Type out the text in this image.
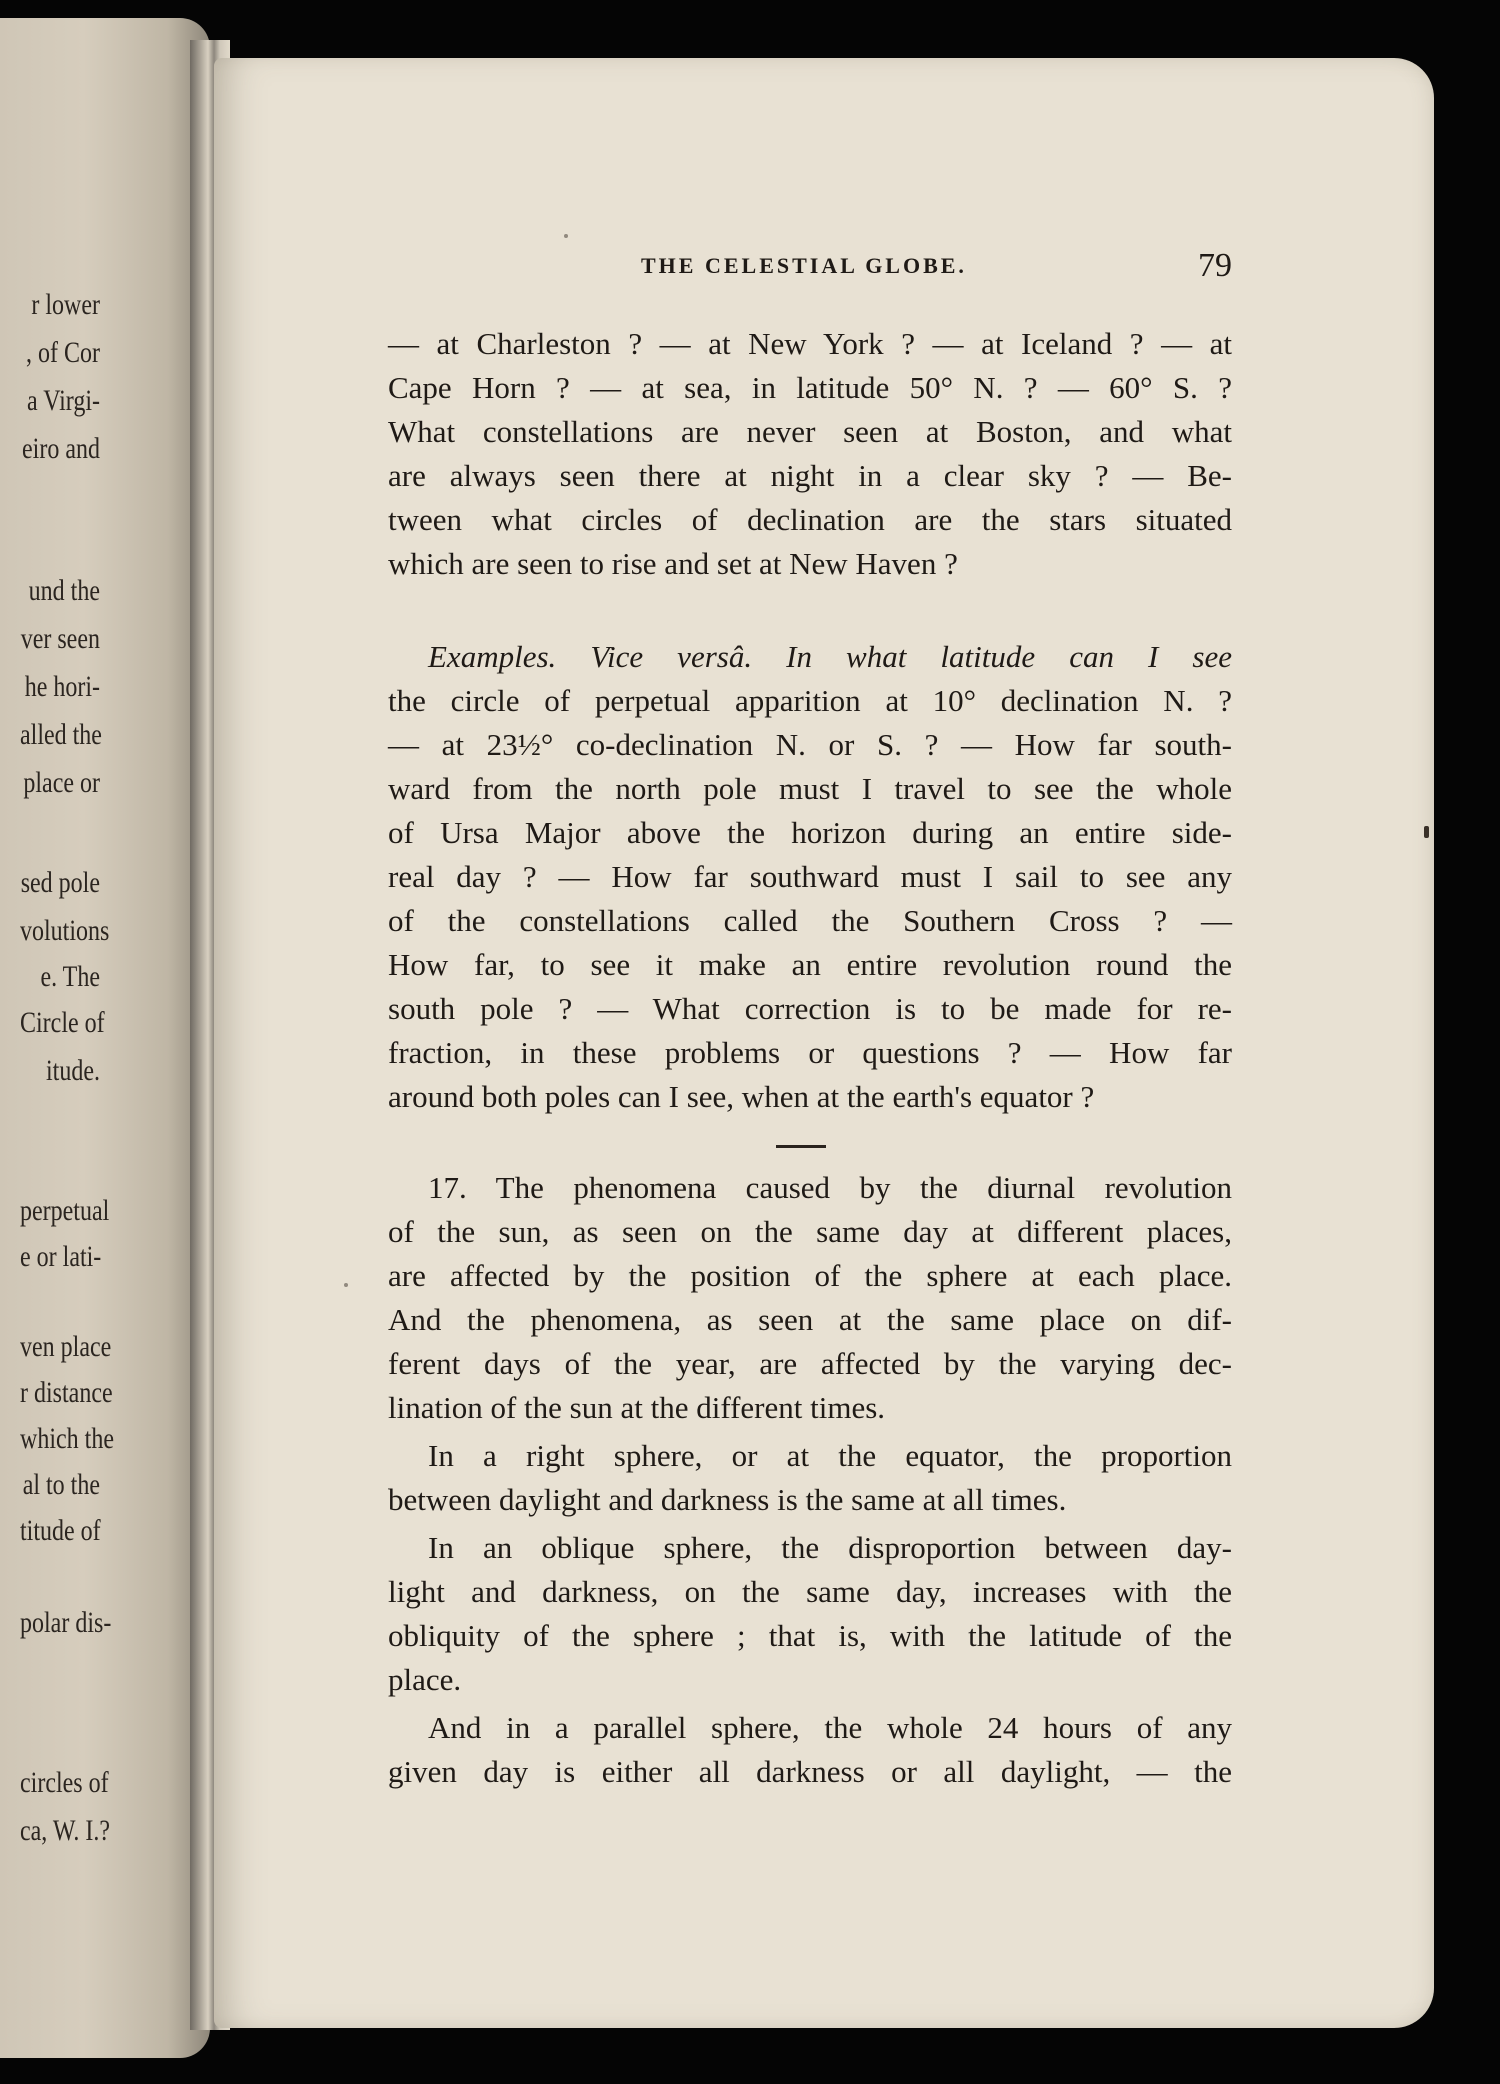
r lower
, of Cor
a Virgi-
eiro and
und the
ver seen
he hori-
alled the
place or
sed pole
volutions
e. The
Circle of
itude.
perpetual
e or lati-
ven place
r distance
which the
al to the
titude of
polar dis-
circles of
ca, W. I.?
THE CELESTIAL GLOBE.	79
— at Charleston ? — at New York ? — at Iceland ? — at
Cape Horn ? — at sea, in latitude 50° N. ? — 60° S. ?
What constellations are never seen at Boston, and what
are always seen there at night in a clear sky ? — Be-
tween what circles of declination are the stars situated
which are seen to rise and set at New Haven ?
Examples. Vice versâ. In what latitude can I see
the circle of perpetual apparition at 10° declination N. ?
— at 23½° co-declination N. or S. ? — How far south-
ward from the north pole must I travel to see the whole
of Ursa Major above the horizon during an entire side-
real day ? — How far southward must I sail to see any
of the constellations called the Southern Cross ? —
How far, to see it make an entire revolution round the
south pole ? — What correction is to be made for re-
fraction, in these problems or questions ? — How far
around both poles can I see, when at the earth's equator ?
17. The phenomena caused by the diurnal revolution
of the sun, as seen on the same day at different places,
are affected by the position of the sphere at each place.
And the phenomena, as seen at the same place on dif-
ferent days of the year, are affected by the varying dec-
lination of the sun at the different times.
In a right sphere, or at the equator, the proportion
between daylight and darkness is the same at all times.
In an oblique sphere, the disproportion between day-
light and darkness, on the same day, increases with the
obliquity of the sphere ; that is, with the latitude of the
place.
And in a parallel sphere, the whole 24 hours of any
given day is either all darkness or all daylight, — the
